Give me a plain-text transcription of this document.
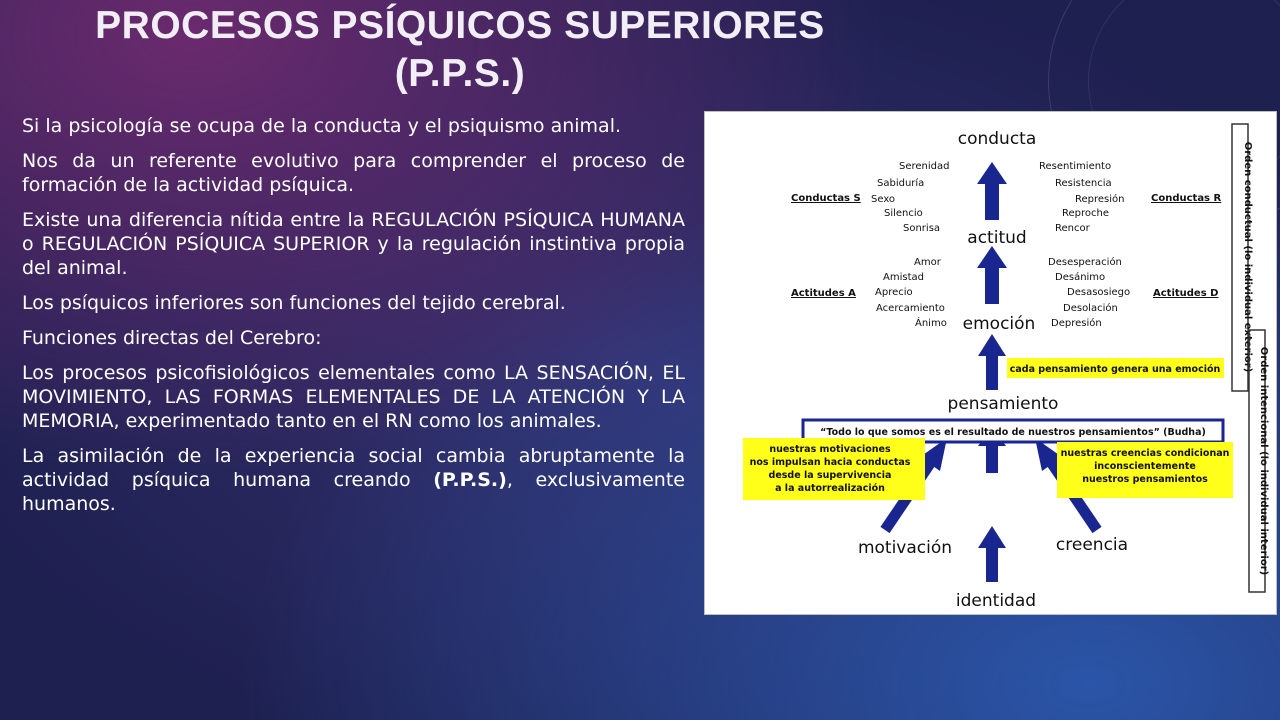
PROCESOS PSÍQUICOS SUPERIORES (P.P.S.)

Si la psicología se ocupa de la conducta y el psiquismo animal.

Nos da un referente evolutivo para comprender el proceso de formación de la actividad psíquica.

Existe una diferencia nítida entre la REGULACIÓN PSÍQUICA HUMANA o REGULACIÓN PSÍQUICA SUPERIOR y la regulación instintiva propia del animal.

Los psíquicos inferiores son funciones del tejido cerebral.

Funciones directas del Cerebro:

Los procesos psicofisiológicos elementales como LA SENSACIÓN, EL MOVIMIENTO, LAS FORMAS ELEMENTALES DE LA ATENCIÓN Y LA MEMORIA, experimentado tanto en el RN como los animales.

La asimilación de la experiencia social cambia abruptamente la actividad psíquica humana creando (P.P.S.), exclusivamente humanos.

conducta
actitud
emoción
pensamiento
motivación	creencia
identidad
Serenidad
Sabiduría
Sexo
Silencio
Sonrisa
Conductas S
Resentimiento
Resistencia
Represión
Reproche
Rencor
Conductas R
Amor
Amistad
Aprecio
Acercamiento
Ánimo
Actitudes A
Desesperación
Desánimo
Desasosiego
Desolación
Depresión
Actitudes D
cada pensamiento genera una emoción
“Todo lo que somos es el resultado de nuestros pensamientos” (Budha)
nuestras motivaciones
nos impulsan hacia conductas
desde la supervivencia
a la autorrealización
nuestras creencias condicionan
inconscientemente
nuestros pensamientos
Orden conductual (lo individual exterior)
Orden intencional (lo individual interior)
